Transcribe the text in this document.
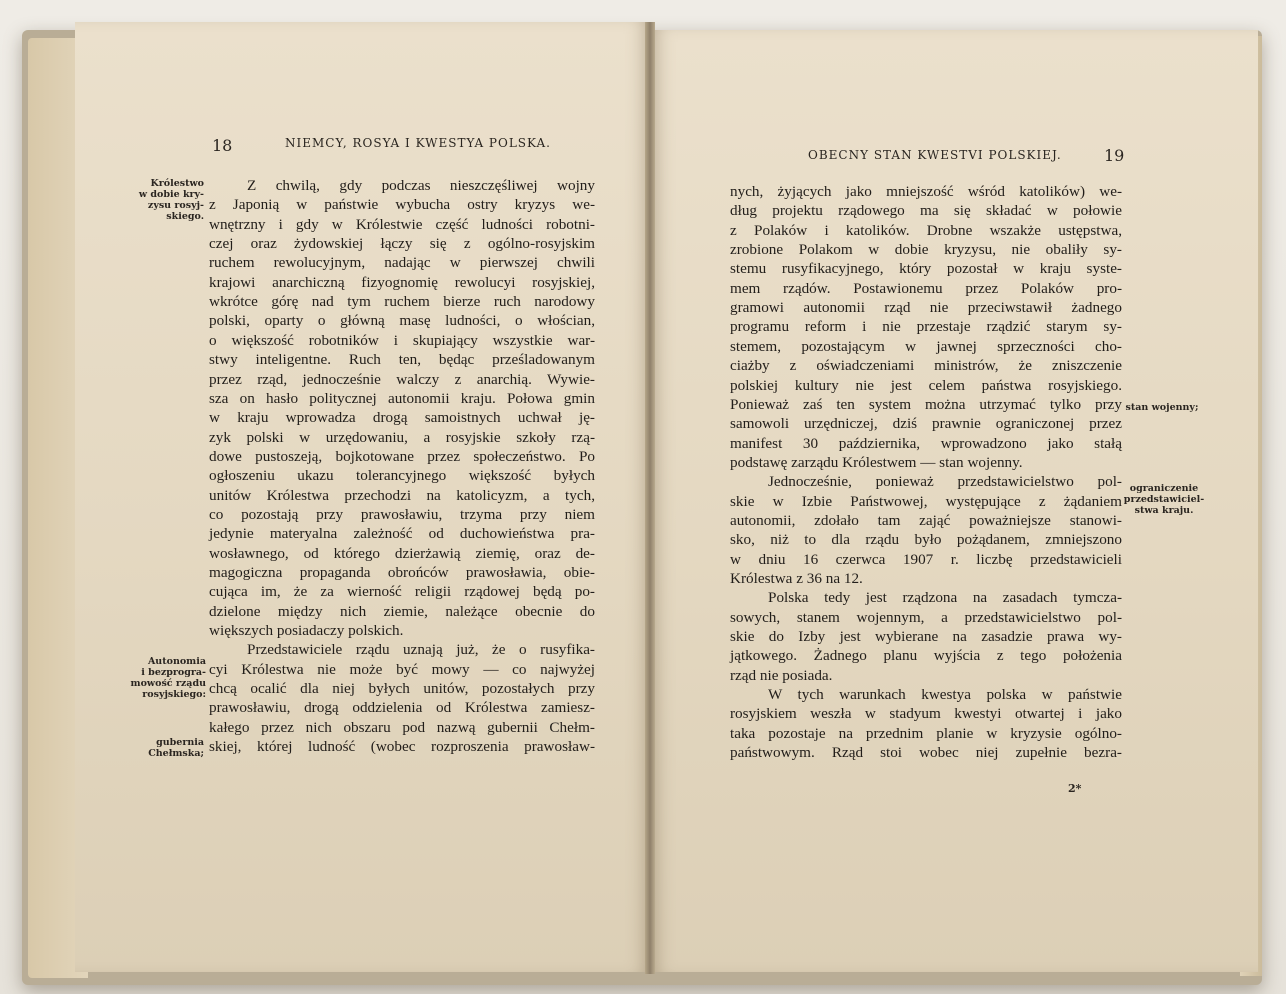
18	NIEMCY, ROSYA I KWESTYA POLSKA.
OBECNY STAN KWESTVI POLSKIEJ.	19
Królestwo
w dobie kry-
zysu rosyj-
skiego.
Autonomia
i bezprogra-
mowość rządu
rosyjskiego:
gubernia
Chełmska;
stan wojenny;
ograniczenie
przedstawiciel-
stwa kraju.
Z chwilą, gdy podczas nieszczęśliwej wojny
z Japonią w państwie wybucha ostry kryzys we-
wnętrzny i gdy w Królestwie część ludności robotni-
czej oraz żydowskiej łączy się z ogólno-rosyjskim
ruchem rewolucyjnym, nadając w pierwszej chwili
krajowi anarchiczną fizyognomię rewolucyi rosyjskiej,
wkrótce górę nad tym ruchem bierze ruch narodowy
polski, oparty o główną masę ludności, o włościan,
o większość robotników i skupiający wszystkie war-
stwy inteligentne. Ruch ten, będąc prześladowanym
przez rząd, jednocześnie walczy z anarchią. Wywie-
sza on hasło politycznej autonomii kraju. Połowa gmin
w kraju wprowadza drogą samoistnych uchwał ję-
zyk polski w urzędowaniu, a rosyjskie szkoły rzą-
dowe pustoszeją, bojkotowane przez społeczeństwo. Po
ogłoszeniu ukazu tolerancyjnego większość byłych
unitów Królestwa przechodzi na katolicyzm, a tych,
co pozostają przy prawosławiu, trzyma przy niem
jedynie materyalna zależność od duchowieństwa pra-
wosławnego, od którego dzierżawią ziemię, oraz de-
magogiczna propaganda obrońców prawosławia, obie-
cująca im, że za wierność religii rządowej będą po-
dzielone między nich ziemie, należące obecnie do
większych posiadaczy polskich.
Przedstawiciele rządu uznają już, że o rusyfika-
cyi Królestwa nie może być mowy — co najwyżej
chcą ocalić dla niej byłych unitów, pozostałych przy
prawosławiu, drogą oddzielenia od Królestwa zamiesz-
kałego przez nich obszaru pod nazwą gubernii Chełm-
skiej, której ludność (wobec rozproszenia prawosław-
nych, żyjących jako mniejszość wśród katolików) we-
dług projektu rządowego ma się składać w połowie
z Polaków i katolików. Drobne wszakże ustępstwa,
zrobione Polakom w dobie kryzysu, nie obaliły sy-
stemu rusyfikacyjnego, który pozostał w kraju syste-
mem rządów. Postawionemu przez Polaków pro-
gramowi autonomii rząd nie przeciwstawił żadnego
programu reform i nie przestaje rządzić starym sy-
stemem, pozostającym w jawnej sprzeczności cho-
ciażby z oświadczeniami ministrów, że zniszczenie
polskiej kultury nie jest celem państwa rosyjskiego.
Ponieważ zaś ten system można utrzymać tylko przy
samowoli urzędniczej, dziś prawnie ograniczonej przez
manifest 30 października, wprowadzono jako stałą
podstawę zarządu Królestwem — stan wojenny.
Jednocześnie, ponieważ przedstawicielstwo pol-
skie w Izbie Państwowej, występujące z żądaniem
autonomii, zdołało tam zająć poważniejsze stanowi-
sko, niż to dla rządu było pożądanem, zmniejszono
w dniu 16 czerwca 1907 r. liczbę przedstawicieli
Królestwa z 36 na 12.
Polska tedy jest rządzona na zasadach tymcza-
sowych, stanem wojennym, a przedstawicielstwo pol-
skie do Izby jest wybierane na zasadzie prawa wy-
jątkowego. Żadnego planu wyjścia z tego położenia
rząd nie posiada.
W tych warunkach kwestya polska w państwie
rosyjskiem weszła w stadyum kwestyi otwartej i jako
taka pozostaje na przednim planie w kryzysie ogólno-
państwowym. Rząd stoi wobec niej zupełnie bezra-
2*
